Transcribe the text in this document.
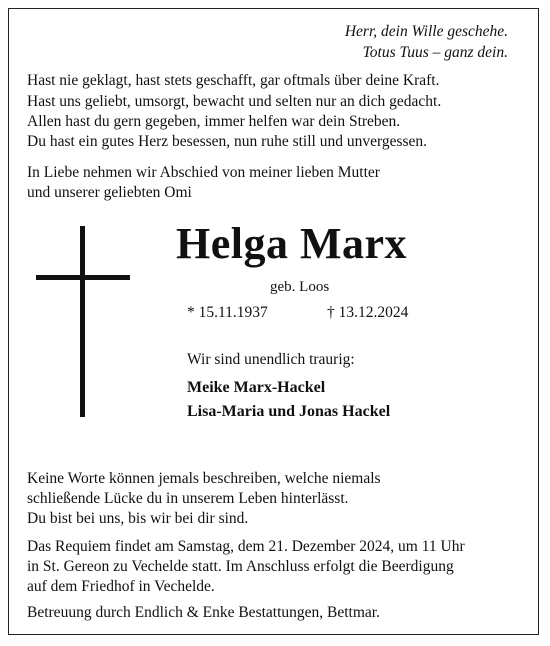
Herr, dein Wille geschehe.
Totus Tuus – ganz dein.
Hast nie geklagt, hast stets geschafft, gar oftmals über deine Kraft.
Hast uns geliebt, umsorgt, bewacht und selten nur an dich gedacht.
Allen hast du gern gegeben, immer helfen war dein Streben.
Du hast ein gutes Herz besessen, nun ruhe still und unvergessen.
In Liebe nehmen wir Abschied von meiner lieben Mutter
und unserer geliebten Omi
Helga Marx
geb. Loos
* 15.11.1937	† 13.12.2024
Wir sind unendlich traurig:
Meike Marx-Hackel
Lisa-Maria und Jonas Hackel
Keine Worte können jemals beschreiben, welche niemals
schließende Lücke du in unserem Leben hinterlässt.
Du bist bei uns, bis wir bei dir sind.
Das Requiem findet am Samstag, dem 21. Dezember 2024, um 11 Uhr
in St. Gereon zu Vechelde statt. Im Anschluss erfolgt die Beerdigung
auf dem Friedhof in Vechelde.
Betreuung durch Endlich & Enke Bestattungen, Bettmar.
